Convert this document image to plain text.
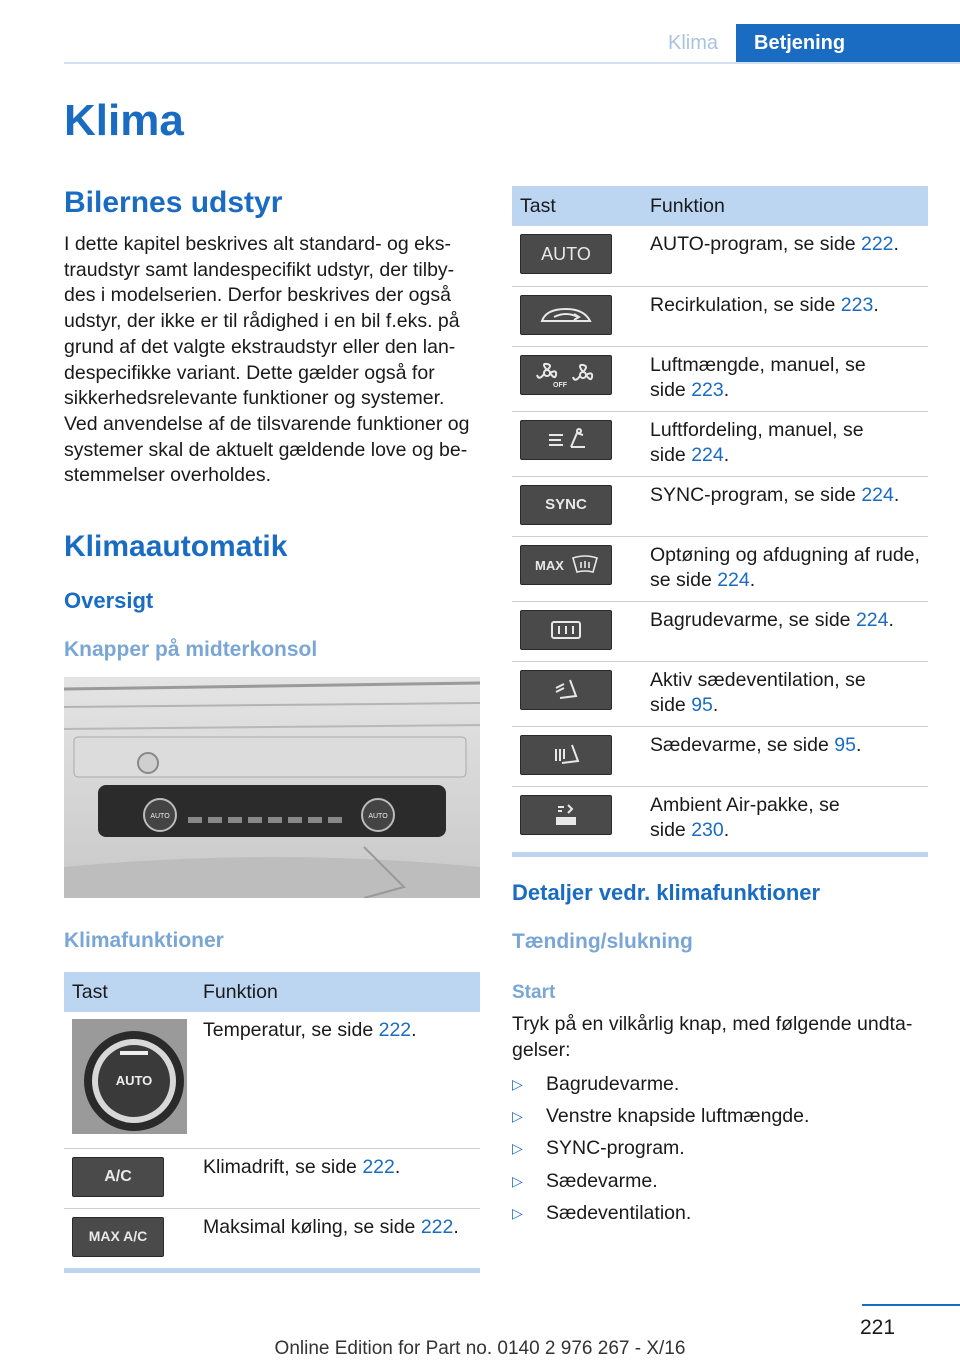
Klima	Betjening
Klima
Bilernes udstyr

I dette kapitel beskrives alt standard- og eks‐
traudstyr samt landespecifikt udstyr, der tilby‐
des i modelserien. Derfor beskrives der også
udstyr, der ikke er til rådighed i en bil f.eks. på
grund af det valgte ekstraudstyr eller den lan‐
despecifikke variant. Dette gælder også for
sikkerhedsrelevante funktioner og systemer.
Ved anvendelse af de tilsvarende funktioner og
systemer skal de aktuelt gældende love og be‐
stemmelser overholdes.

Klimaautomatik
Oversigt
Knapper på midterkonsol
AUTO	AUTO
Klimafunktioner
Tast	Funktion

AUTO	Temperatur, se side 222.

A/C	Klimadrift, se side 222.

MAX A/C	Maksimal køling, se side 222.
Tast	Funktion

AUTO	AUTO-program, se side 222.

	Recirkulation, se side 223.

OFF	Luftmængde, manuel, se
side 223.

	Luftfordeling, manuel, se
side 224.

SYNC	SYNC-program, se side 224.

MAX	Optøning og afdugning af rude,
se side 224.

	Bagrudevarme, se side 224.

	Aktiv sædeventilation, se
side 95.

	Sædevarme, se side 95.

	Ambient Air-pakke, se
side 230.
Detaljer vedr. klimafunktioner
Tænding/slukning
Start

Tryk på en vilkårlig knap, med følgende undta‐
gelser:

▷	Bagrudevarme.
▷	Venstre knapside luftmængde.
▷	SYNC-program.
▷	Sædevarme.
▷	Sædeventilation.
221
Online Edition for Part no. 0140 2 976 267 - X/16
